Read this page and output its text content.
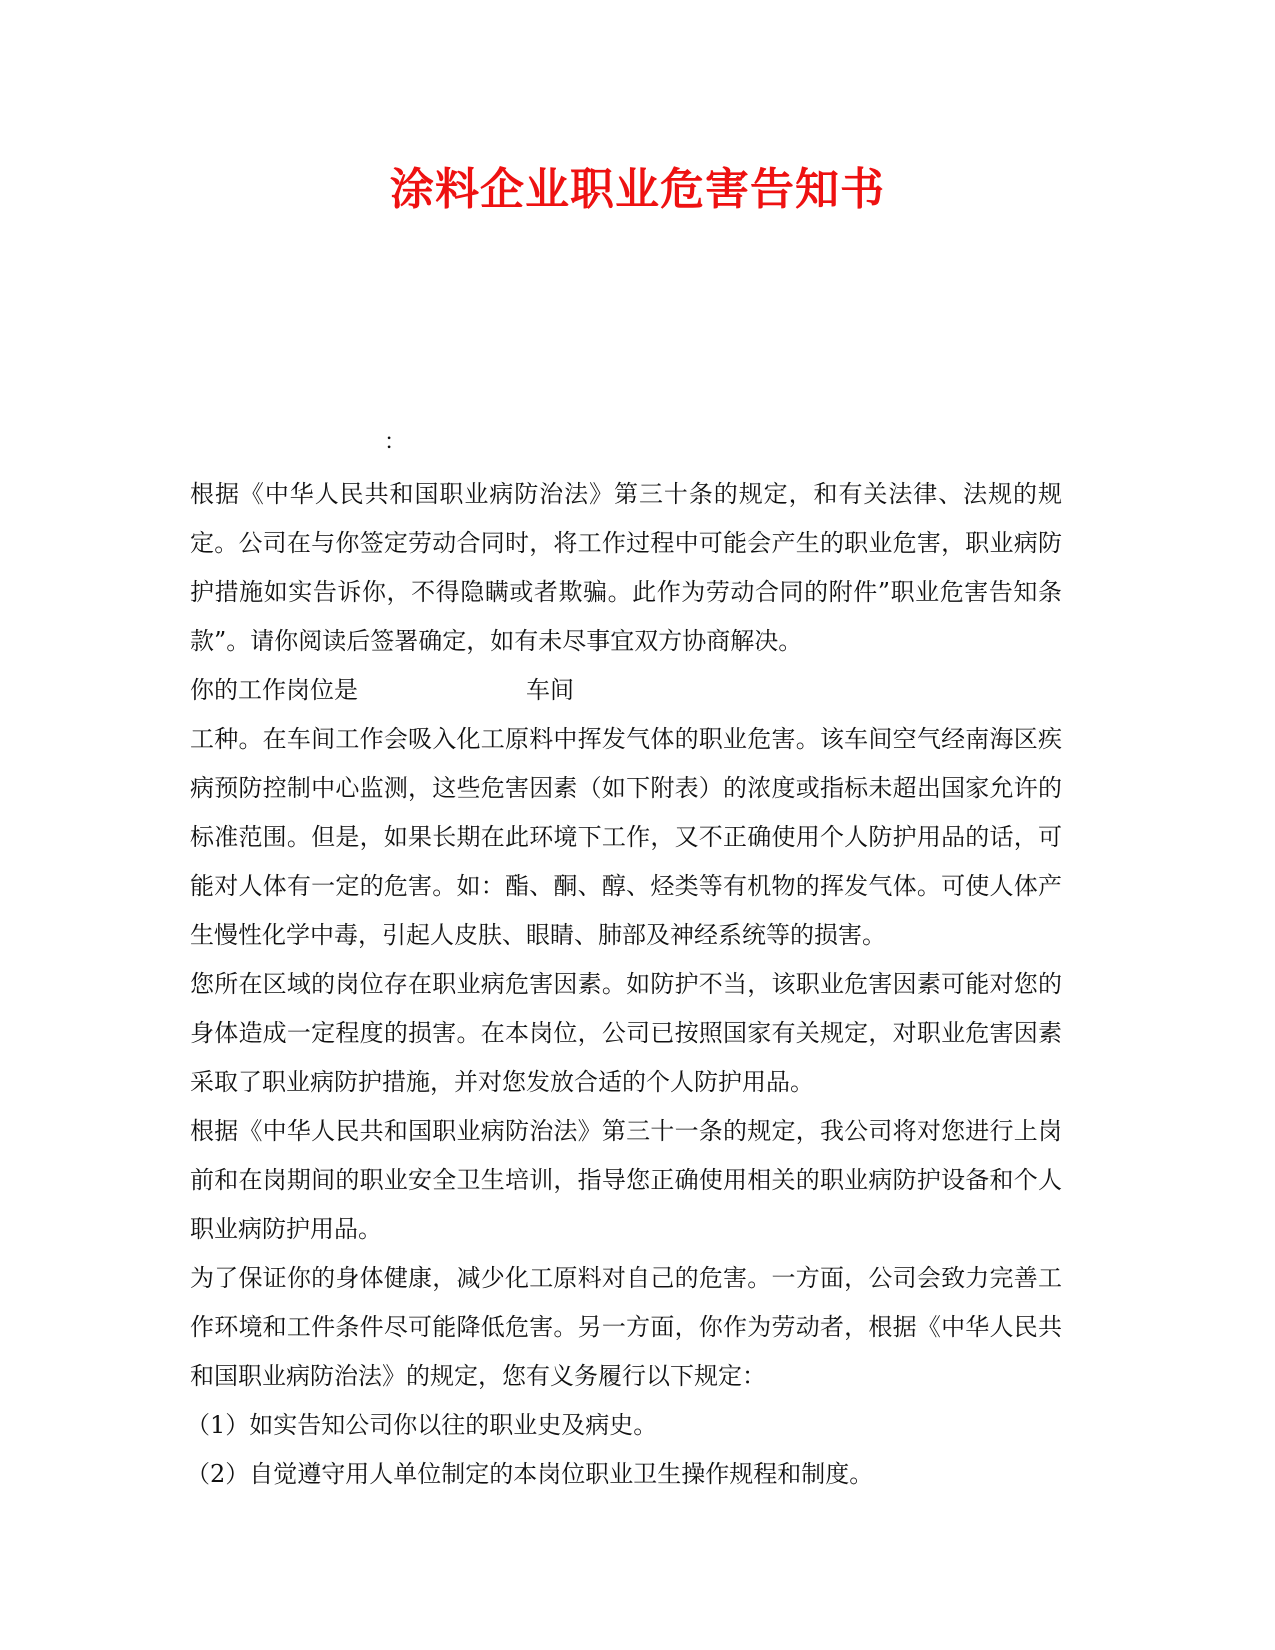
涂料企业职业危害告知书
：

根据《中华人民共和国职业病防治法》第三十条的规定，和有关法律、法规的规定。公司在与你签定劳动合同时，将工作过程中可能会产生的职业危害，职业病防护措施如实告诉你，不得隐瞒或者欺骗。此作为劳动合同的附件”职业危害告知条款”。请你阅读后签署确定，如有未尽事宜双方协商解决。

你的工作岗位是	车间

工种。在车间工作会吸入化工原料中挥发气体的职业危害。该车间空气经南海区疾病预防控制中心监测，这些危害因素（如下附表）的浓度或指标未超出国家允许的标准范围。但是，如果长期在此环境下工作，又不正确使用个人防护用品的话，可能对人体有一定的危害。如：酯、酮、醇、烃类等有机物的挥发气体。可使人体产生慢性化学中毒，引起人皮肤、眼睛、肺部及神经系统等的损害。

您所在区域的岗位存在职业病危害因素。如防护不当，该职业危害因素可能对您的身体造成一定程度的损害。在本岗位，公司已按照国家有关规定，对职业危害因素采取了职业病防护措施，并对您发放合适的个人防护用品。

根据《中华人民共和国职业病防治法》第三十一条的规定，我公司将对您进行上岗前和在岗期间的职业安全卫生培训，指导您正确使用相关的职业病防护设备和个人职业病防护用品。

为了保证你的身体健康，减少化工原料对自己的危害。一方面，公司会致力完善工作环境和工件条件尽可能降低危害。另一方面，你作为劳动者，根据《中华人民共和国职业病防治法》的规定，您有义务履行以下规定：

（1）如实告知公司你以往的职业史及病史。

（2）自觉遵守用人单位制定的本岗位职业卫生操作规程和制度。
